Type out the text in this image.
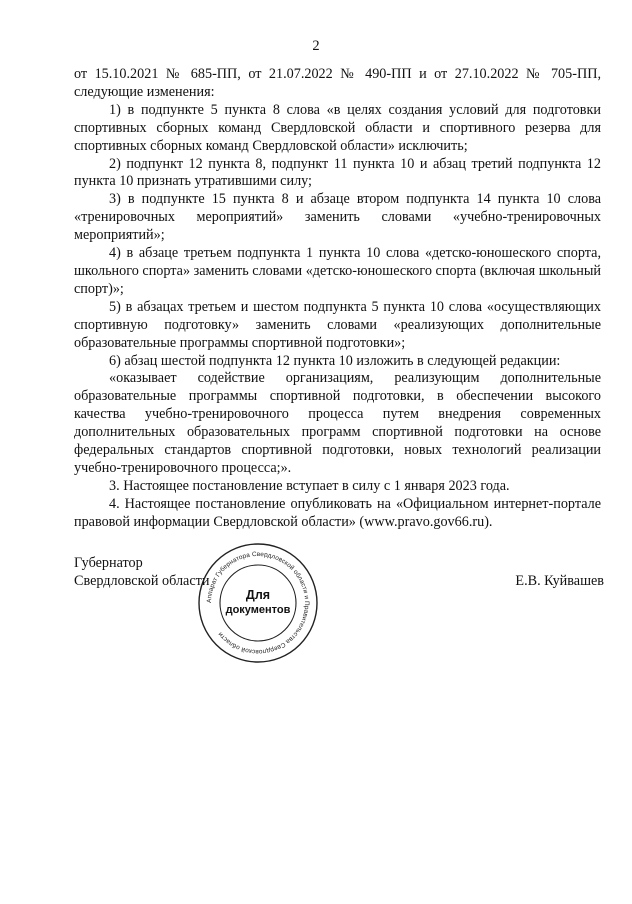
2

от 15.10.2021 № 685-ПП, от 21.07.2022 № 490-ПП и от 27.10.2022 № 705-ПП, следующие изменения:

1) в подпункте 5 пункта 8 слова «в целях создания условий для подготовки спортивных сборных команд Свердловской области и спортивного резерва для спортивных сборных команд Свердловской области» исключить;

2) подпункт 12 пункта 8, подпункт 11 пункта 10 и абзац третий подпункта 12 пункта 10 признать утратившими силу;

3) в подпункте 15 пункта 8 и абзаце втором подпункта 14 пункта 10 слова «тренировочных мероприятий» заменить словами «учебно-тренировочных мероприятий»;

4) в абзаце третьем подпункта 1 пункта 10 слова «детско-юношеского спорта, школьного спорта» заменить словами «детско-юношеского спорта (включая школьный спорт)»;

5) в абзацах третьем и шестом подпункта 5 пункта 10 слова «осуществляющих спортивную подготовку» заменить словами «реализующих дополнительные образовательные программы спортивной подготовки»;

6) абзац шестой подпункта 12 пункта 10 изложить в следующей редакции:

«оказывает содействие организациям, реализующим дополнительные образовательные программы спортивной подготовки, в обеспечении высокого качества учебно-тренировочного процесса путем внедрения современных дополнительных образовательных программ спортивной подготовки на основе федеральных стандартов спортивной подготовки, новых технологий реализации учебно-тренировочного процесса;».

3. Настоящее постановление вступает в силу с 1 января 2023 года.

4. Настоящее постановление опубликовать на «Официальном интернет-портале правовой информации Свердловской области» (www.pravo.gov66.ru).

Губернатор
Свердловской области	Е.В. Куйвашев
Аппарат Губернатора Свердловской области и Правительства Свердловской области
Для
документов
